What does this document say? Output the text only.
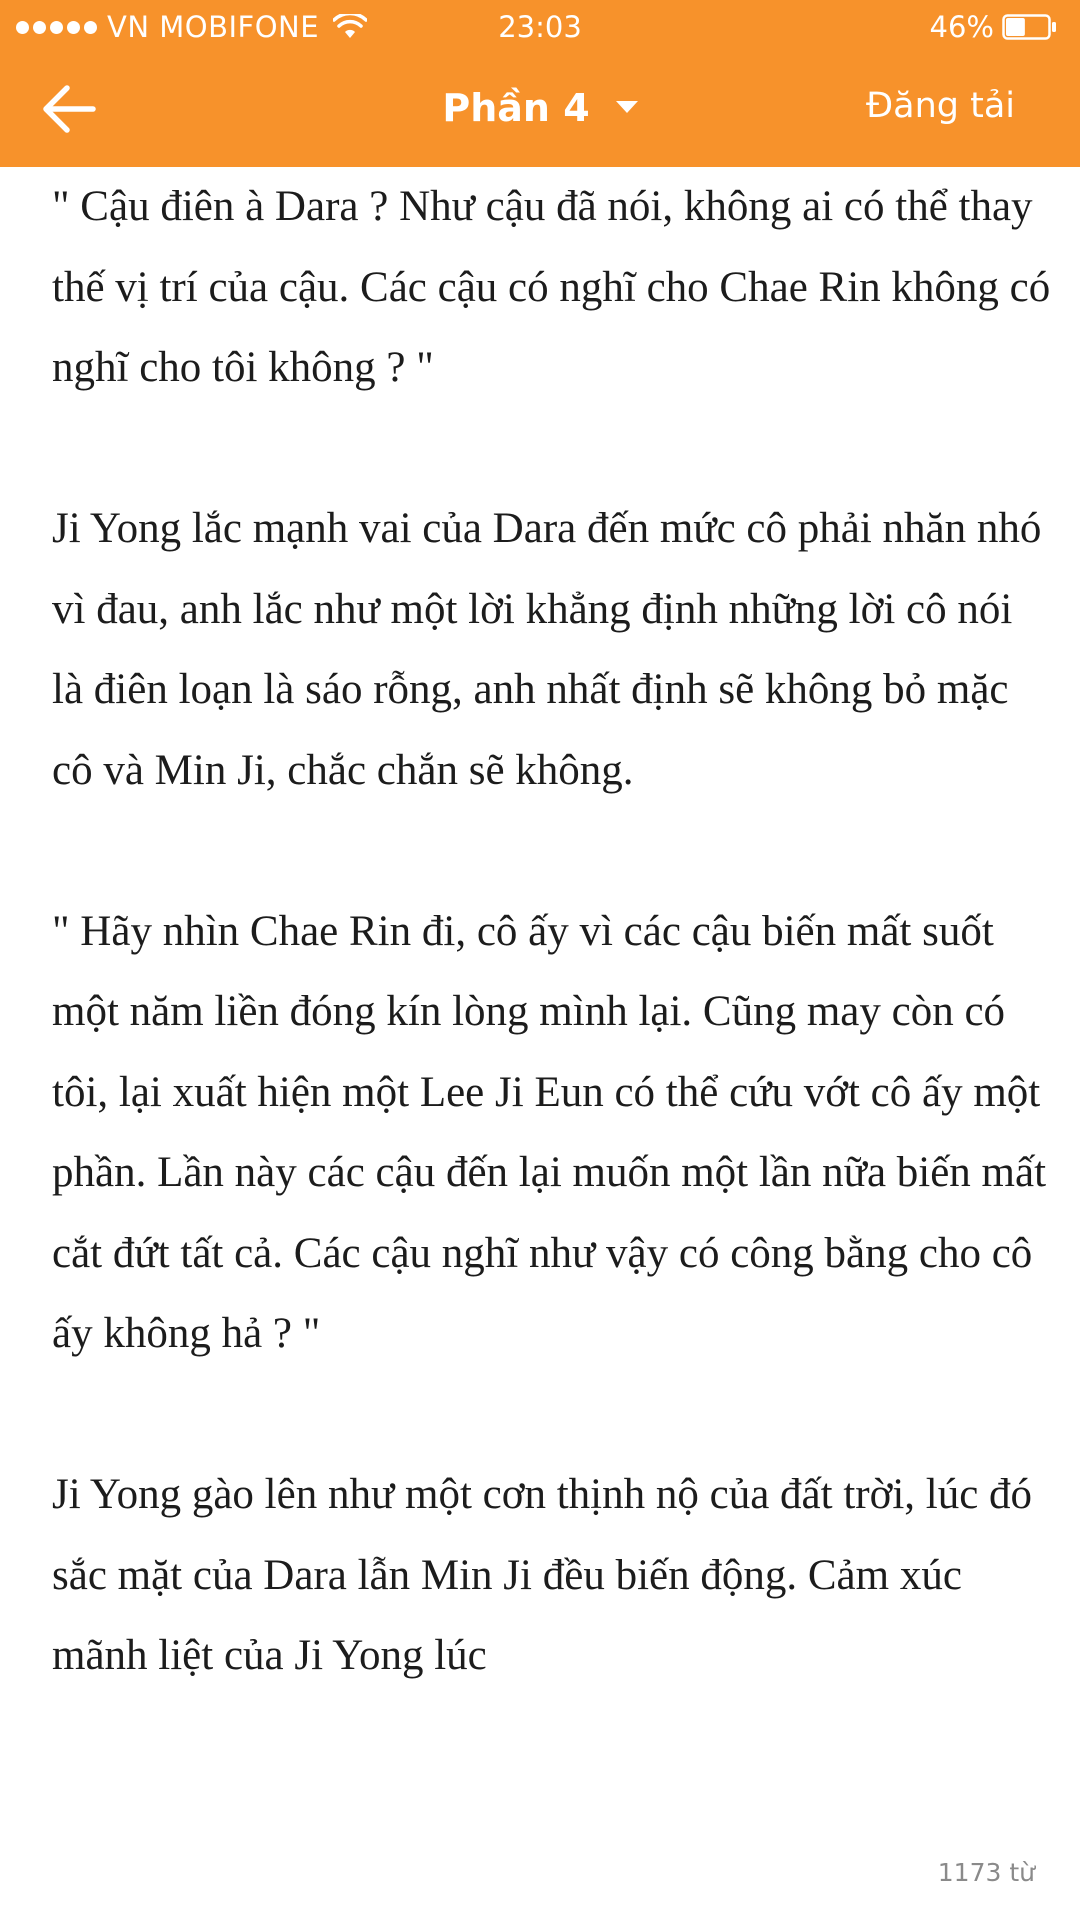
VN MOBIFONE	23:03	46%
Phần 4	Đăng tải

" Cậu điên à Dara ? Như cậu đã nói, không ai có thể thay thế vị trí của cậu. Các cậu có nghĩ cho Chae Rin không có nghĩ cho tôi không ? "

Ji Yong lắc mạnh vai của Dara đến mức cô phải nhăn nhó vì đau, anh lắc như một lời khẳng định những lời cô nói là điên loạn là sáo rỗng, anh nhất định sẽ không bỏ mặc cô và Min Ji, chắc chắn sẽ không.

" Hãy nhìn Chae Rin đi, cô ấy vì các cậu biến mất suốt một năm liền đóng kín lòng mình lại. Cũng may còn có tôi, lại xuất hiện một Lee Ji Eun có thể cứu vớt cô ấy một phần. Lần này các cậu đến lại muốn một lần nữa biến mất cắt đứt tất cả. Các cậu nghĩ như vậy có công bằng cho cô ấy không hả ? "

Ji Yong gào lên như một cơn thịnh nộ của đất trời, lúc đó sắc mặt của Dara lẫn Min Ji đều biến động. Cảm xúc mãnh liệt của Ji Yong lúc

1173 từ
